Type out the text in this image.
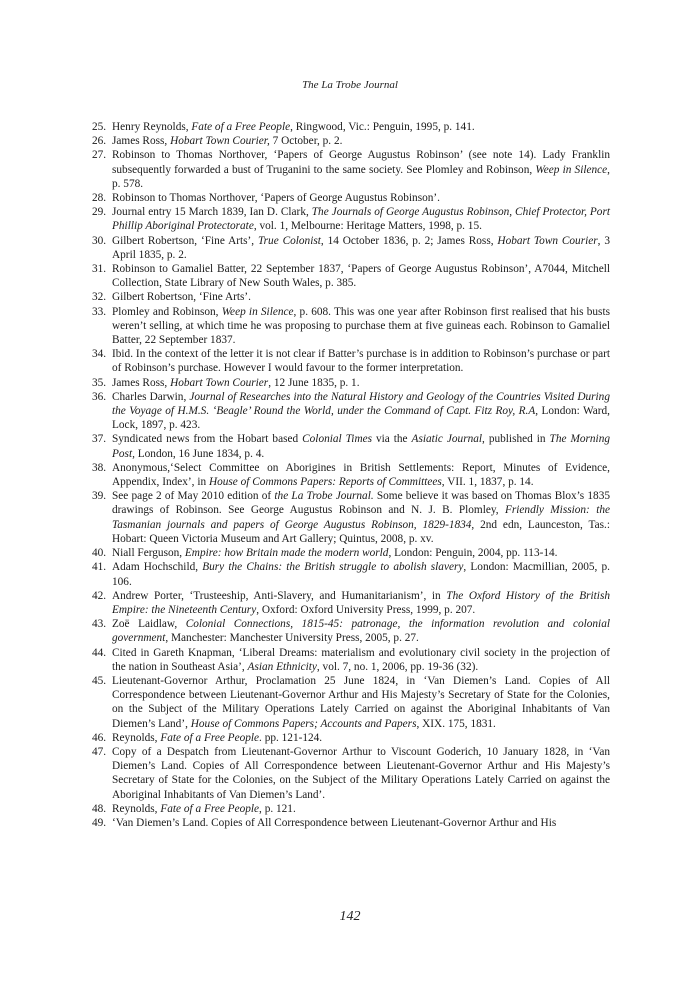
The La Trobe Journal
25. Henry Reynolds, Fate of a Free People, Ringwood, Vic.: Penguin, 1995, p. 141.
26. James Ross, Hobart Town Courier, 7 October, p. 2.
27. Robinson to Thomas Northover, ‘Papers of George Augustus Robinson’ (see note 14). Lady Franklin subsequently forwarded a bust of Truganini to the same society. See Plomley and Robinson, Weep in Silence, p. 578.
28. Robinson to Thomas Northover, ‘Papers of George Augustus Robinson’.
29. Journal entry 15 March 1839, Ian D. Clark, The Journals of George Augustus Robinson, Chief Protector, Port Phillip Aboriginal Protectorate, vol. 1, Melbourne: Heritage Matters, 1998, p. 15.
30. Gilbert Robertson, ‘Fine Arts’, True Colonist, 14 October 1836, p. 2; James Ross, Hobart Town Courier, 3 April 1835, p. 2.
31. Robinson to Gamaliel Batter, 22 September 1837, ‘Papers of George Augustus Robinson’, A7044, Mitchell Collection, State Library of New South Wales, p. 385.
32. Gilbert Robertson, ‘Fine Arts’.
33. Plomley and Robinson, Weep in Silence, p. 608. This was one year after Robinson first realised that his busts weren’t selling, at which time he was proposing to purchase them at five guineas each. Robinson to Gamaliel Batter, 22 September 1837.
34. Ibid. In the context of the letter it is not clear if Batter’s purchase is in addition to Robinson’s purchase or part of Robinson’s purchase. However I would favour to the former interpretation.
35. James Ross, Hobart Town Courier, 12 June 1835, p. 1.
36. Charles Darwin, Journal of Researches into the Natural History and Geology of the Countries Visited During the Voyage of H.M.S. ‘Beagle’ Round the World, under the Command of Capt. Fitz Roy, R.A, London: Ward, Lock, 1897, p. 423.
37. Syndicated news from the Hobart based Colonial Times via the Asiatic Journal, published in The Morning Post, London, 16 June 1834, p. 4.
38. Anonymous,‘Select Committee on Aborigines in British Settlements: Report, Minutes of Evidence, Appendix, Index’, in House of Commons Papers: Reports of Committees, VII. 1, 1837, p. 14.
39. See page 2 of May 2010 edition of the La Trobe Journal. Some believe it was based on Thomas Blox’s 1835 drawings of Robinson. See George Augustus Robinson and N. J. B. Plomley, Friendly Mission: the Tasmanian journals and papers of George Augustus Robinson, 1829-1834, 2nd edn, Launceston, Tas.: Hobart: Queen Victoria Museum and Art Gallery; Quintus, 2008, p. xv.
40. Niall Ferguson, Empire: how Britain made the modern world, London: Penguin, 2004, pp. 113-14.
41. Adam Hochschild, Bury the Chains: the British struggle to abolish slavery, London: Macmillian, 2005, p. 106.
42. Andrew Porter, ‘Trusteeship, Anti-Slavery, and Humanitarianism’, in The Oxford History of the British Empire: the Nineteenth Century, Oxford: Oxford University Press, 1999, p. 207.
43. Zoë Laidlaw, Colonial Connections, 1815-45: patronage, the information revolution and colonial government, Manchester: Manchester University Press, 2005, p. 27.
44. Cited in Gareth Knapman, ‘Liberal Dreams: materialism and evolutionary civil society in the projection of the nation in Southeast Asia’, Asian Ethnicity, vol. 7, no. 1, 2006, pp. 19-36 (32).
45. Lieutenant-Governor Arthur, Proclamation 25 June 1824, in ‘Van Diemen’s Land. Copies of All Correspondence between Lieutenant-Governor Arthur and His Majesty’s Secretary of State for the Colonies, on the Subject of the Military Operations Lately Carried on against the Aboriginal Inhabitants of Van Diemen’s Land’, House of Commons Papers; Accounts and Papers, XIX. 175, 1831.
46. Reynolds, Fate of a Free People. pp. 121-124.
47. Copy of a Despatch from Lieutenant-Governor Arthur to Viscount Goderich, 10 January 1828, in ‘Van Diemen’s Land. Copies of All Correspondence between Lieutenant-Governor Arthur and His Majesty’s Secretary of State for the Colonies, on the Subject of the Military Operations Lately Carried on against the Aboriginal Inhabitants of Van Diemen’s Land’.
48. Reynolds, Fate of a Free People, p. 121.
49. ‘Van Diemen’s Land. Copies of All Correspondence between Lieutenant-Governor Arthur and His
142
